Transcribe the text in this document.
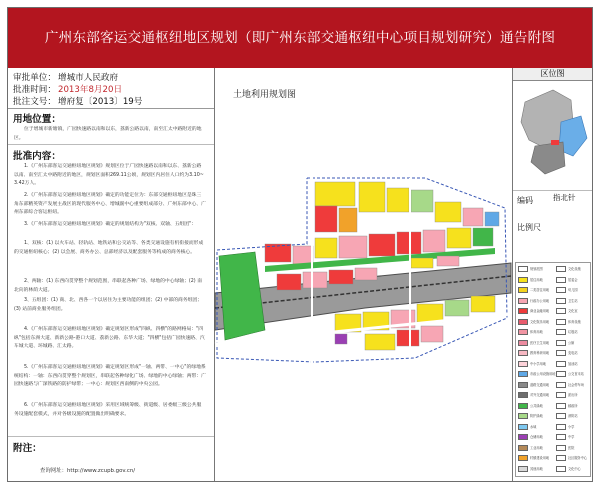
广州东部客运交通枢纽地区规划（即广州东部交通枢纽中心项目规划研究）通告附图
审批单位： 增城市人民政府
批准时间： 2013年8月20日
批注文号： 增府复〔2013〕19号
用地位置：
位于增城市新塘镇，广园快速路以南和以东，荔新公路以南，南至汇太中路附近的地区。
批准内容：
1.《广州东部客运交通枢纽地区规划》规划区位于广园快速路以南和以东、荔新公路以南、南至汇太中路附近的地区，规划区面积269.11公顷，规划区内居住人口约为3.10~3.42万人。
2.《广州东部客运交通枢纽地区规划》确定的功能定位为：东部交通枢纽地区是珠三角东部精英资产发展主战区的现代服务中心、增城副中心重要组成部分、广州东部中心、广州东部综合客运枢纽。
3.《广州东部客运交通枢纽地区规划》确定的规划结构为"双核、双轴、五组团"：
1、双核：(1) 以火车站、轻轨站、地铁站和公交站等、各类交通设施有机衔接而形成的交通枢纽核心；(2) 以会展、商务办公、总部经济以及配套服务等构成的商务核心。
2、两轴：(1) 东西向贯穿整个规划范围，串联起各种广场、绿地的中心绿轴；(2) 南北向的林荫大道。
3、五组团：(1) 商、北、西各一个以居住为主要功能的组团；(2) 中部的商务组团；(3) 站前商业服务组团。
4.《广州东部客运交通枢纽地区规划》确定规划区形成"四纵、四横"的路网格局："四纵"包括东洲大道、新新公路-港口大道、荔新公路、东华大道；"四横"包括广园快速路、汽车城大道、环城路、汇太路。
5.《广州东部客运交通枢纽地区规划》确定规划区形成"一轴、两带、一中心"的绿地系统结构：一轴：东西向贯穿整个规划区，串联起各种绿化广场、绿地的中心绿轴；两带：广园快速路与广深铁路的防护绿带；一中心：规划区西南侧的中央公园。
6.《广州东部客运交通枢纽地区规划》采用区域统筹级、街道级、居委级三级公共服务设施配套模式，并对各级设施的配置做出明确要求。
附注：
查询网址：http://www.zcupb.gov.cn/
土地利用规划图
区位图
编码	指北针
比例尺
规划范围
居住用地
二类居住用地
行政办公用地
商业金融用地
文化娱乐用地
体育用地
医疗卫生用地
教育科研用地
中小学用地
市政公用设施用地
道路交通用地
对外交通用地
公共绿地
防护绿地
水域
仓储用地
工业用地
村镇建设用地
其他用地
文化设施
居委会
幼儿园
卫生站
文化室
体育设施
垃圾站
公厕
变电站
加油站
公交首末站
社会停车场
派出所
邮政所
消防站
小学
中学
医院
社区服务中心
文化中心
